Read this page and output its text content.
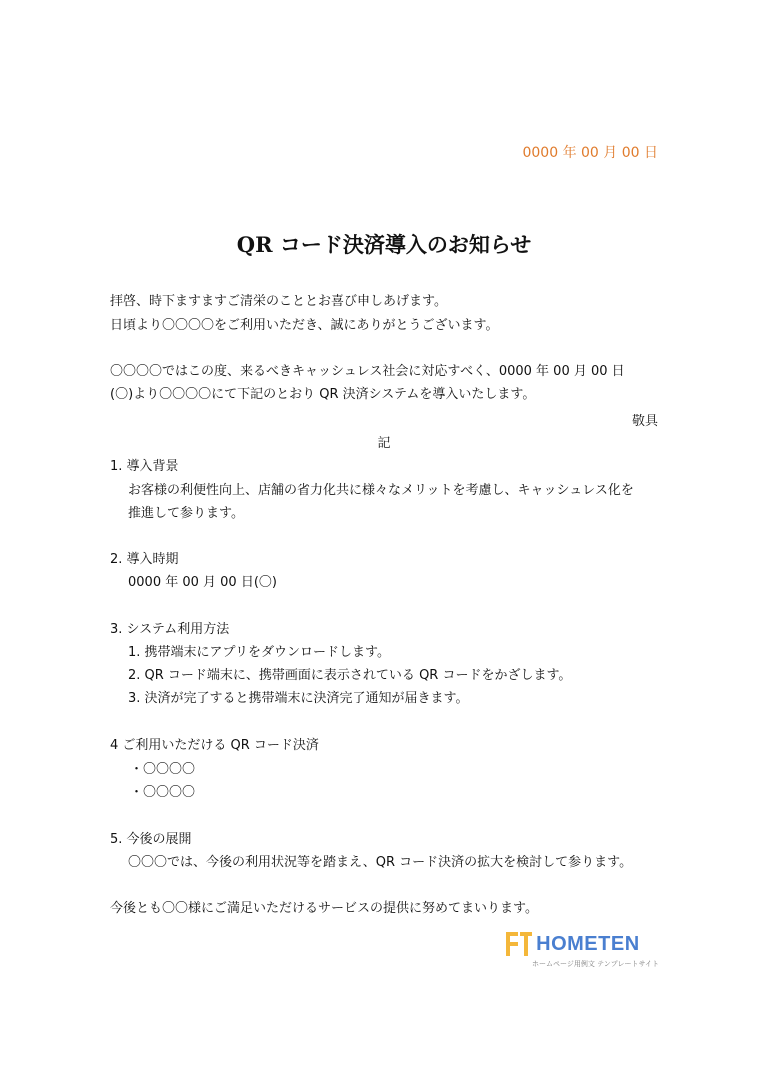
0000 年 00 月 00 日
QR コード決済導入のお知らせ
拝啓、時下ますますご清栄のこととお喜び申しあげます。
日頃より〇〇〇〇をご利用いただき、誠にありがとうございます。
〇〇〇〇ではこの度、来るべきキャッシュレス社会に対応すべく、0000 年 00 月 00 日
(〇)より〇〇〇〇にて下記のとおり QR 決済システムを導入いたします。
敬具
記
1. 導入背景
お客様の利便性向上、店舗の省力化共に様々なメリットを考慮し、キャッシュレス化を
推進して参ります。
2. 導入時期
0000 年 00 月 00 日(〇)
3. システム利用方法
1. 携帯端末にアプリをダウンロードします。
2. QR コード端末に、携帯画面に表示されている QR コードをかざします。
3. 決済が完了すると携帯端末に決済完了通知が届きます。
4 ご利用いただける QR コード決済
・〇〇〇〇
・〇〇〇〇
5. 今後の展開
〇〇〇では、今後の利用状況等を踏まえ、QR コード決済の拡大を検討して参ります。
今後とも〇〇様にご満足いただけるサービスの提供に努めてまいります。
HOMETEN
ホームページ用例文 テンプレートサイト
